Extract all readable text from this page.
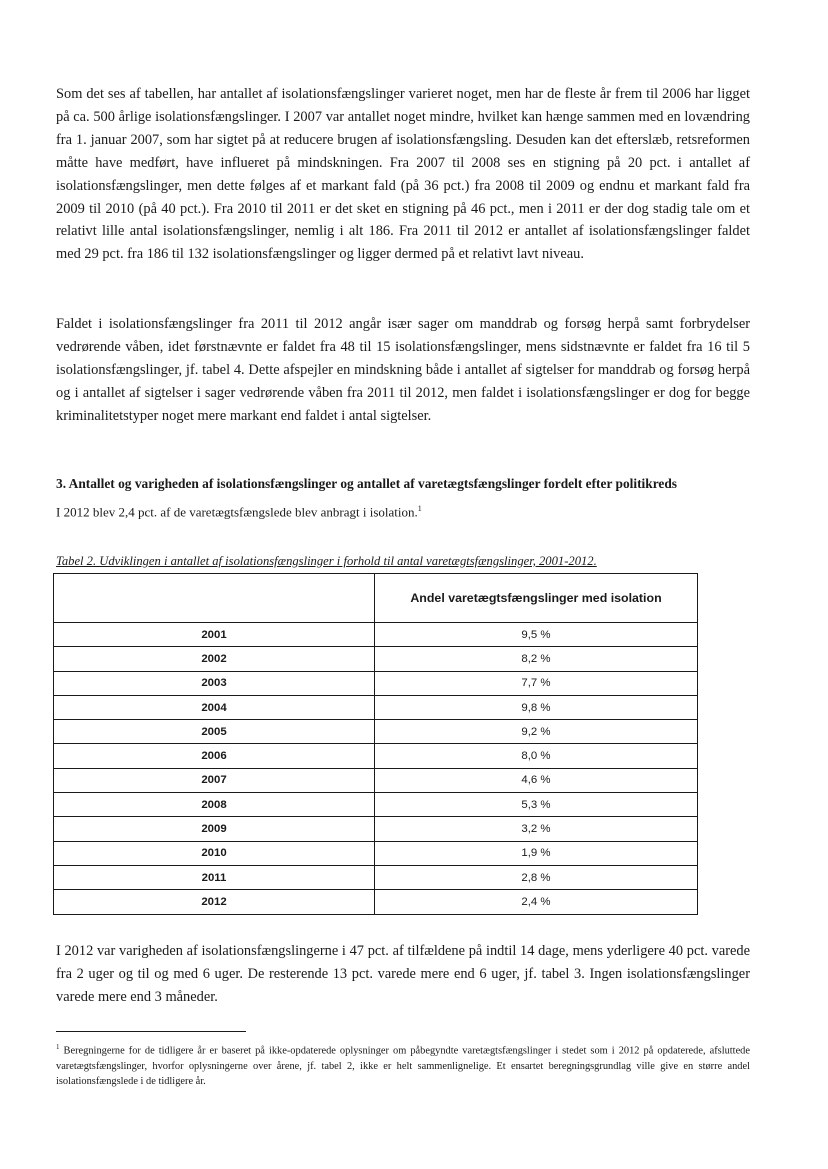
Som det ses af tabellen, har antallet af isolationsfængslinger varieret noget, men har de fleste år frem til 2006 har ligget på ca. 500 årlige isolationsfængslinger. I 2007 var antallet noget mindre, hvilket kan hænge sammen med en lovændring fra 1. januar 2007, som har sigtet på at reducere brugen af isolationsfængsling. Desuden kan det efterslæb, retsreformen måtte have medført, have influeret på mindskningen. Fra 2007 til 2008 ses en stigning på 20 pct. i antallet af isolationsfængslinger, men dette følges af et markant fald (på 36 pct.) fra 2008 til 2009 og endnu et markant fald fra 2009 til 2010 (på 40 pct.). Fra 2010 til 2011 er det sket en stigning på 46 pct., men i 2011 er der dog stadig tale om et relativt lille antal isolationsfængslinger, nemlig i alt 186. Fra 2011 til 2012 er antallet af isolationsfængslinger faldet med 29 pct. fra 186 til 132 isolationsfængslinger og ligger dermed på et relativt lavt niveau.

Faldet i isolationsfængslinger fra 2011 til 2012 angår især sager om manddrab og forsøg herpå samt forbrydelser vedrørende våben, idet førstnævnte er faldet fra 48 til 15 isolationsfængslinger, mens sidstnævnte er faldet fra 16 til 5 isolationsfængslinger, jf. tabel 4. Dette afspejler en mindskning både i antallet af sigtelser for manddrab og forsøg herpå og i antallet af sigtelser i sager vedrørende våben fra 2011 til 2012, men faldet i isolationsfængslinger er dog for begge kriminalitetstyper noget mere markant end faldet i antal sigtelser.

3. Antallet og varigheden af isolationsfængslinger og antallet af varetægtsfængslinger fordelt efter politikreds

I 2012 blev 2,4 pct. af de varetægtsfængslede blev anbragt i isolation.$^1$

Tabel 2. Udviklingen i antallet af isolationsfængslinger i forhold til antal varetægtsfængslinger, 2001-2012.

	Andel varetægtsfængslinger med isolation
2001	9,5 %
2002	8,2 %
2003	7,7 %
2004	9,8 %
2005	9,2 %
2006	8,0 %
2007	4,6 %
2008	5,3 %
2009	3,2 %
2010	1,9 %
2011	2,8 %
2012	2,4 %

I 2012 var varigheden af isolationsfængslingerne i 47 pct. af tilfældene på indtil 14 dage, mens yderligere 40 pct. varede fra 2 uger og til og med 6 uger. De resterende 13 pct. varede mere end 6 uger, jf. tabel 3. Ingen isolationsfængslinger varede mere end 3 måneder.

$^1$ Beregningerne for de tidligere år er baseret på ikke-opdaterede oplysninger om påbegyndte varetægtsfængslinger i stedet som i 2012 på opdaterede, afsluttede varetægtsfængslinger, hvorfor oplysningerne over årene, jf. tabel 2, ikke er helt sammenlignelige. Et ensartet beregningsgrundlag ville give en større andel isolationsfængslede i de tidligere år.
